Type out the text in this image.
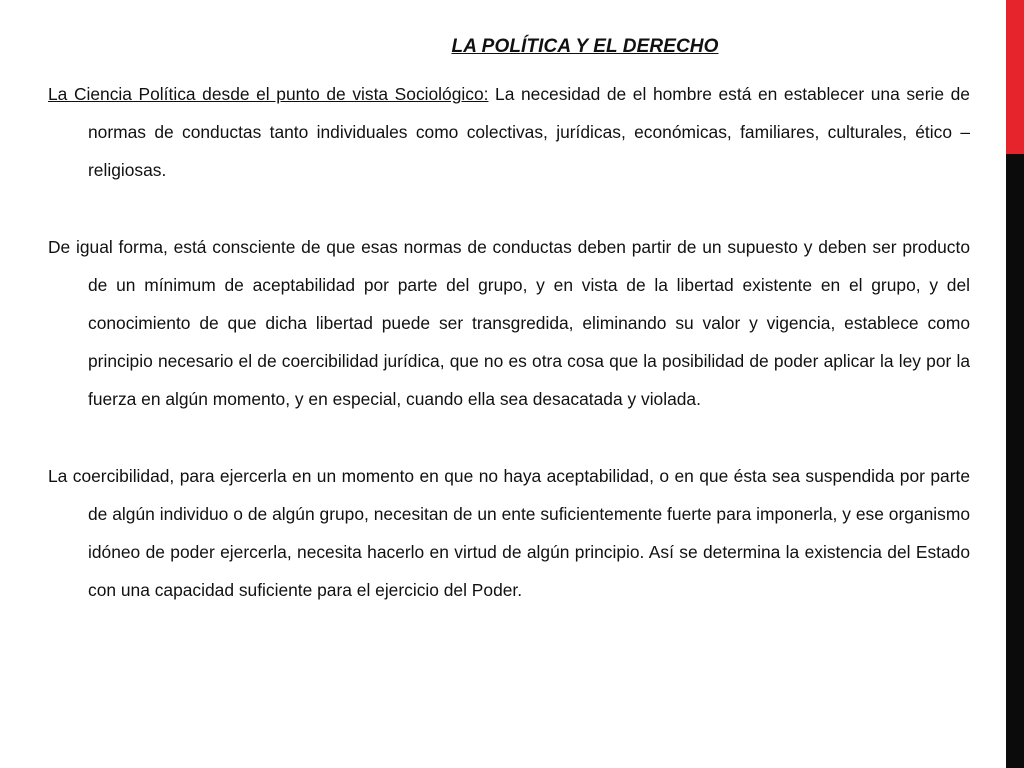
LA POLÍTICA Y EL DERECHO

La Ciencia Política desde el punto de vista Sociológico: La necesidad de el hombre está en establecer una serie de normas de conductas tanto individuales como colectivas, jurídicas, económicas, familiares, culturales, ético – religiosas.

De igual forma, está consciente de que esas normas de conductas deben partir de un supuesto y deben ser producto de un mínimum de aceptabilidad por parte del grupo, y en vista de la libertad existente en el grupo, y del conocimiento de que dicha libertad puede ser transgredida, eliminando su valor y vigencia, establece como principio necesario el de coercibilidad jurídica, que no es otra cosa que la posibilidad de poder aplicar la ley por la fuerza en algún momento, y en especial, cuando ella sea desacatada y violada.

La coercibilidad, para ejercerla en un momento en que no haya aceptabilidad, o en que ésta sea suspendida por parte de algún individuo o de algún grupo, necesitan de un ente suficientemente fuerte para imponerla, y ese organismo idóneo de poder ejercerla, necesita hacerlo en virtud de algún principio. Así se determina la existencia del Estado con una capacidad suficiente para el ejercicio del Poder.
